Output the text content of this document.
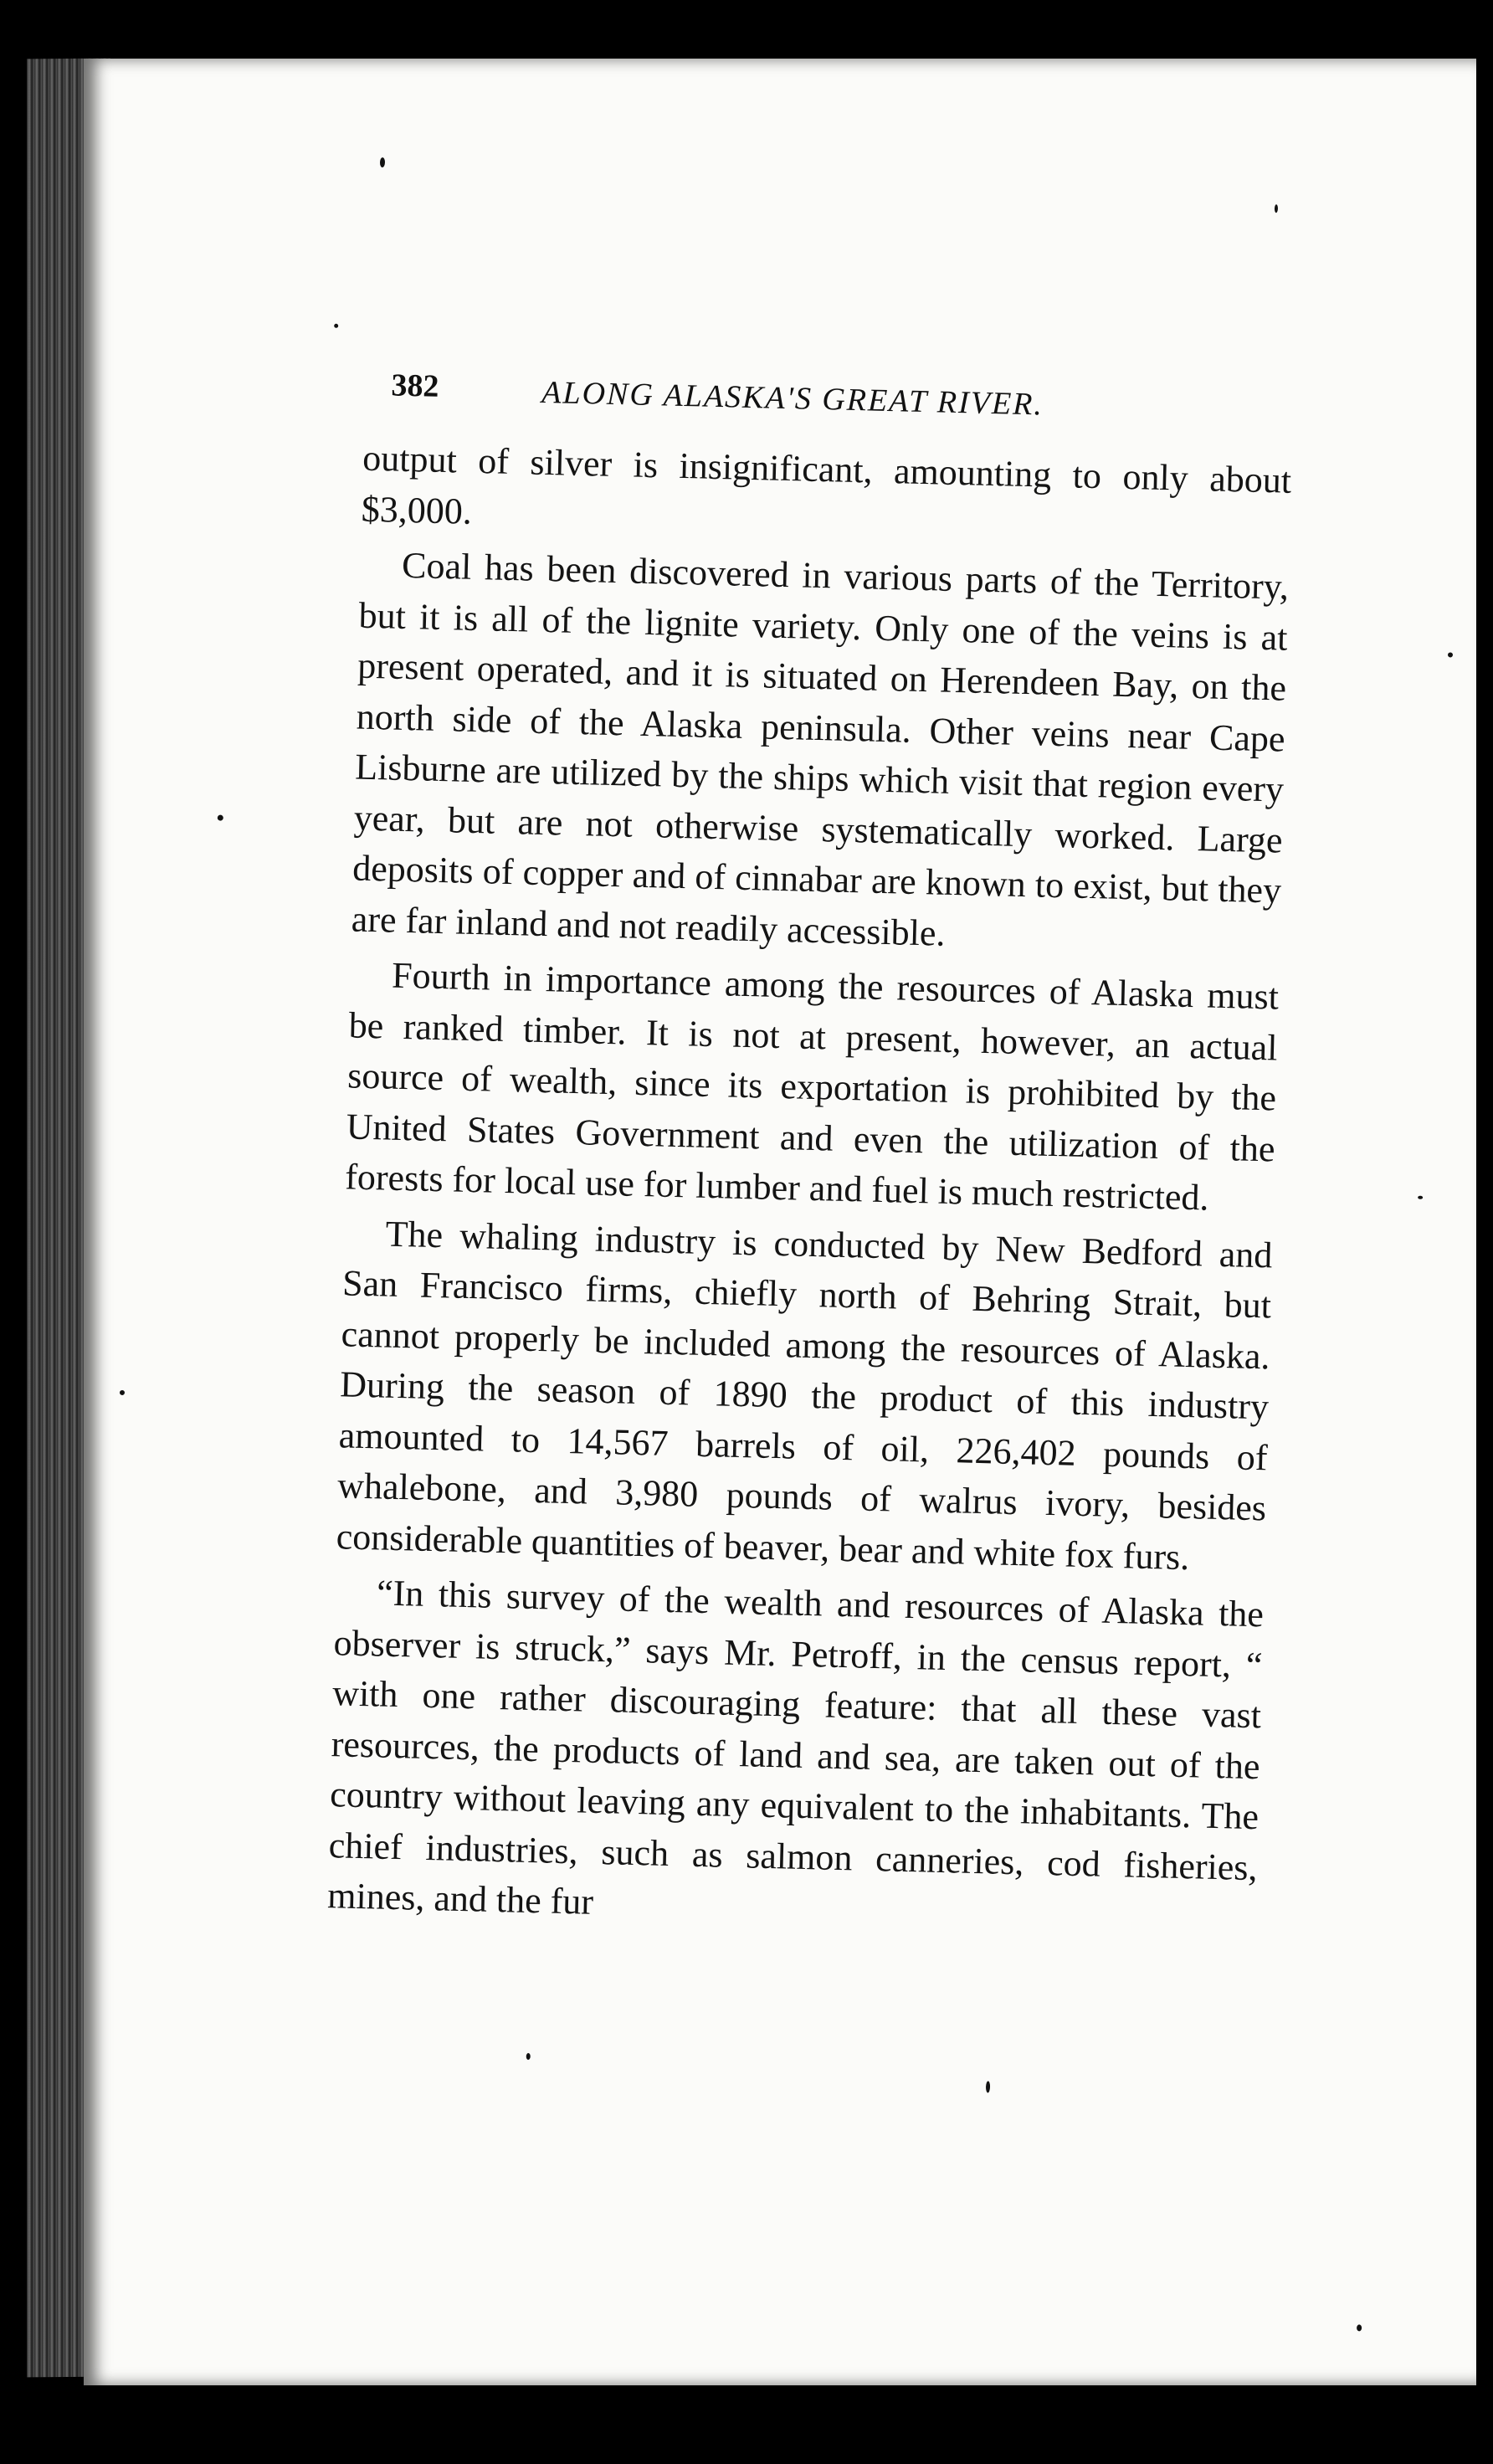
382	ALONG ALASKA'S GREAT RIVER.

output of silver is insignificant, amounting to only about $3,000.

Coal has been discovered in various parts of the Territory, but it is all of the lignite variety. Only one of the veins is at present operated, and it is situated on Herendeen Bay, on the north side of the Alaska peninsula. Other veins near Cape Lisburne are utilized by the ships which visit that region every year, but are not otherwise systematically worked. Large deposits of copper and of cinnabar are known to exist, but they are far inland and not readily accessible.

Fourth in importance among the resources of Alaska must be ranked timber. It is not at present, however, an actual source of wealth, since its exportation is prohibited by the United States Government and even the utilization of the forests for local use for lumber and fuel is much restricted.

The whaling industry is conducted by New Bedford and San Francisco firms, chiefly north of Behring Strait, but cannot properly be included among the resources of Alaska. During the season of 1890 the product of this industry amounted to 14,567 barrels of oil, 226,402 pounds of whalebone, and 3,980 pounds of walrus ivory, besides considerable quantities of beaver, bear and white fox furs.

“In this survey of the wealth and resources of Alaska the observer is struck,” says Mr. Petroff, in the census report, “ with one rather discouraging feature: that all these vast resources, the products of land and sea, are taken out of the country without leaving any equivalent to the inhabitants. The chief industries, such as salmon canneries, cod fisheries, mines, and the fur
